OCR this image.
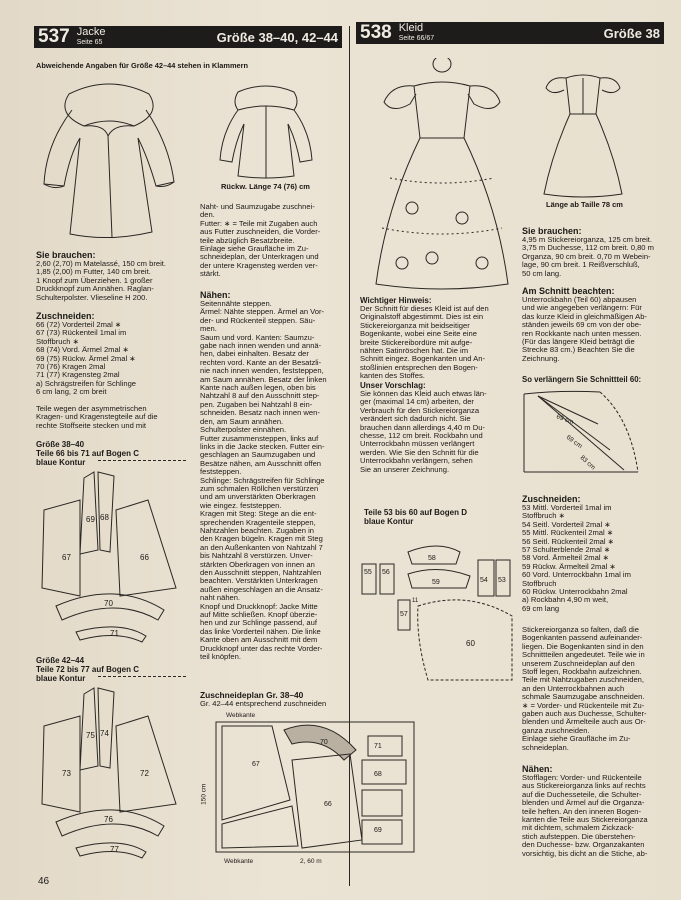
537 Jacke
Seite 65	Größe 38–40, 42–44 538 Kleid
Seite 66/67	Größe 38
Abweichende Angaben für Größe 42–44 stehen in Klammern
Rückw. Länge 74 (76) cm
Sie brauchen:
2,60 (2,70) m Matelassé, 150 cm breit.
1,85 (2,00) m Futter, 140 cm breit.
1 Knopf zum Überziehen. 1 großer
Druckknopf zum Annähen. Raglan-
Schulterpolster. Vlieseline H 200.
Zuschneiden:
66 (72) Vorderteil 2mal ∗
67 (73) Rückenteil 1mal im
Stoffbruch ∗
68 (74) Vord. Ärmel 2mal ∗
69 (75) Rückw. Ärmel 2mal ∗
70 (76) Kragen 2mal
71 (77) Kragensteg 2mal
a) Schrägstreifen für Schlinge
6 cm lang, 2 cm breit
Teile wegen der asymmetrischen
Kragen- und Kragenstegteile auf die
rechte Stoffseite stecken und mit
Größe 38–40
Teile 66 bis 71 auf Bogen C
blaue Kontur
69 68
67	66
70
71
Größe 42–44
Teile 72 bis 77 auf Bogen C
blaue Kontur
75 74
73	72
76
77
46
Naht- und Saumzugabe zuschnei-
den.
Futter: ∗ = Teile mit Zugaben auch
aus Futter zuschneiden, die Vorder-
teile abzüglich Besatzbreite.
Einlage siehe Graufläche im Zu-
schneideplan, der Unterkragen und
der untere Kragensteg werden ver-
stärkt.
Nähen:
Seitennähte steppen.
Ärmel: Nähte steppen. Ärmel an Vor-
der- und Rückenteil steppen. Säu-
men.
Saum und vord. Kanten: Saumzu-
gabe nach innen wenden und annä-
hen, dabei einhalten. Besatz der
rechten vord. Kante an der Besatzli-
nie nach innen wenden, feststeppen,
am Saum annähen. Besatz der linken
Kante nach außen legen, oben bis
Nahtzahl 8 auf den Ausschnitt step-
pen. Zugaben bei Nahtzahl 8 ein-
schneiden. Besatz nach innen wen-
den, am Saum annähen.
Schulterpolster einnähen.
Futter zusammensteppen, links auf
links in die Jacke stecken. Futter ein-
geschlagen an Saumzugaben und
Besätze nähen, am Ausschnitt offen
feststeppen.
Schlinge: Schrägstreifen für Schlinge
zum schmalen Röllchen verstürzen
und am unverstärkten Oberkragen
wie eingez. feststeppen.
Kragen mit Steg: Stege an die ent-
sprechenden Kragenteile steppen,
Nahtzahlen beachten. Zugaben in
den Kragen bügeln. Kragen mit Steg
an den Außenkanten von Nahtzahl 7
bis Nahtzahl 8 verstürzen. Unver-
stärkten Oberkragen von innen an
den Ausschnitt steppen, Nahtzahlen
beachten. Verstärkten Unterkragen
außen eingeschlagen an die Ansatz-
naht nähen.
Knopf und Druckknopf: Jacke Mitte
auf Mitte schließen. Knopf überzie-
hen und zur Schlinge passend, auf
das linke Vorderteil nähen. Die linke
Kante oben am Ausschnitt mit dem
Druckknopf unter das rechte Vorder-
teil knöpfen.
Zuschneideplan Gr. 38–40
Gr. 42–44 entsprechend zuschneiden
Webkante
67
70
66
71
68
69
150 cm
Webkante	2, 60 m
Länge ab Taille 78 cm
Wichtiger Hinweis:
Der Schnitt für dieses Kleid ist auf den
Originalstoff abgestimmt. Dies ist ein
Stickereiorganza mit beidseitiger
Bogenkante, wobei eine Seite eine
breite Stickereibordüre mit aufge-
nähten Satinröschen hat. Die im
Schnitt eingez. Bogenkanten und An-
stoßlinien entsprechen den Bogen-
kanten des Stoffes.
Unser Vorschlag:
Sie können das Kleid auch etwas län-
ger (maximal 14 cm) arbeiten, der
Verbrauch für den Stickereiorganza
verändert sich dadurch nicht. Sie
brauchen dann allerdings 4,40 m Du-
chesse, 112 cm breit. Rockbahn und
Unterrockbahn müssen verlängert
werden. Wie Sie den Schnitt für die
Unterrockbahn verlängern, sehen
Sie an unserer Zeichnung.
Teile 53 bis 60 auf Bogen D
blaue Kontur
55 56
58
59	54 53
57
60
11
Sie brauchen:
4,95 m Stickereiorganza, 125 cm breit.
3,75 m Duchesse, 112 cm breit. 0,80 m
Organza, 90 cm breit. 0,70 m Webein-
lage, 90 cm breit. 1 Reißverschluß,
50 cm lang.
Am Schnitt beachten:
Unterrockbahn (Teil 60) abpausen
und wie angegeben verlängern: Für
das kurze Kleid in gleichmäßigen Ab-
ständen jeweils 69 cm von der obe-
ren Rockkante nach unten messen.
(Für das längere Kleid beträgt die
Strecke 83 cm.) Beachten Sie die
Zeichnung.
So verlängern Sie Schnittteil 60:
69 cm
69 cm
83 cm
Zuschneiden:
53 Mittl. Vorderteil 1mal im
Stoffbruch ∗
54 Seitl. Vorderteil 2mal ∗
55 Mittl. Rückenteil 2mal ∗
56 Seitl. Rückenteil 2mal ∗
57 Schulterblende 2mal ∗
58 Vord. Ärmelteil 2mal ∗
59 Rückw. Ärmelteil 2mal ∗
60 Vord. Unterrockbahn 1mal im
Stoffbruch
60 Rückw. Unterrockbahn 2mal
a) Rockbahn 4,90 m weit,
69 cm lang
Stickereiorganza so falten, daß die
Bogenkanten passend aufeinander-
liegen. Die Bogenkanten sind in den
Schnittteilen angedeutet. Teile wie in
unserem Zuschneideplan auf den
Stoff legen, Rockbahn aufzeichnen.
Teile mit Nahtzugaben zuschneiden,
an den Unterrockbahnen auch
schmale Saumzugabe anschneiden.
∗ = Vorder- und Rückenteile mit Zu-
gaben auch aus Duchesse, Schulter-
blenden und Ärmelteile auch aus Or-
ganza zuschneiden.
Einlage siehe Graufläche im Zu-
schneideplan.
Nähen:
Stofflagen: Vorder- und Rückenteile
aus Stickereiorganza links auf rechts
auf die Duchesseteile, die Schulter-
blenden und Ärmel auf die Organza-
teile heften. An den inneren Bogen-
kanten die Teile aus Stickereiorganza
mit dichtem, schmalem Zickzack-
stich aufsteppen. Die überstehen-
den Duchesse- bzw. Organzakanten
vorsichtig, bis dicht an die Stiche, ab-
